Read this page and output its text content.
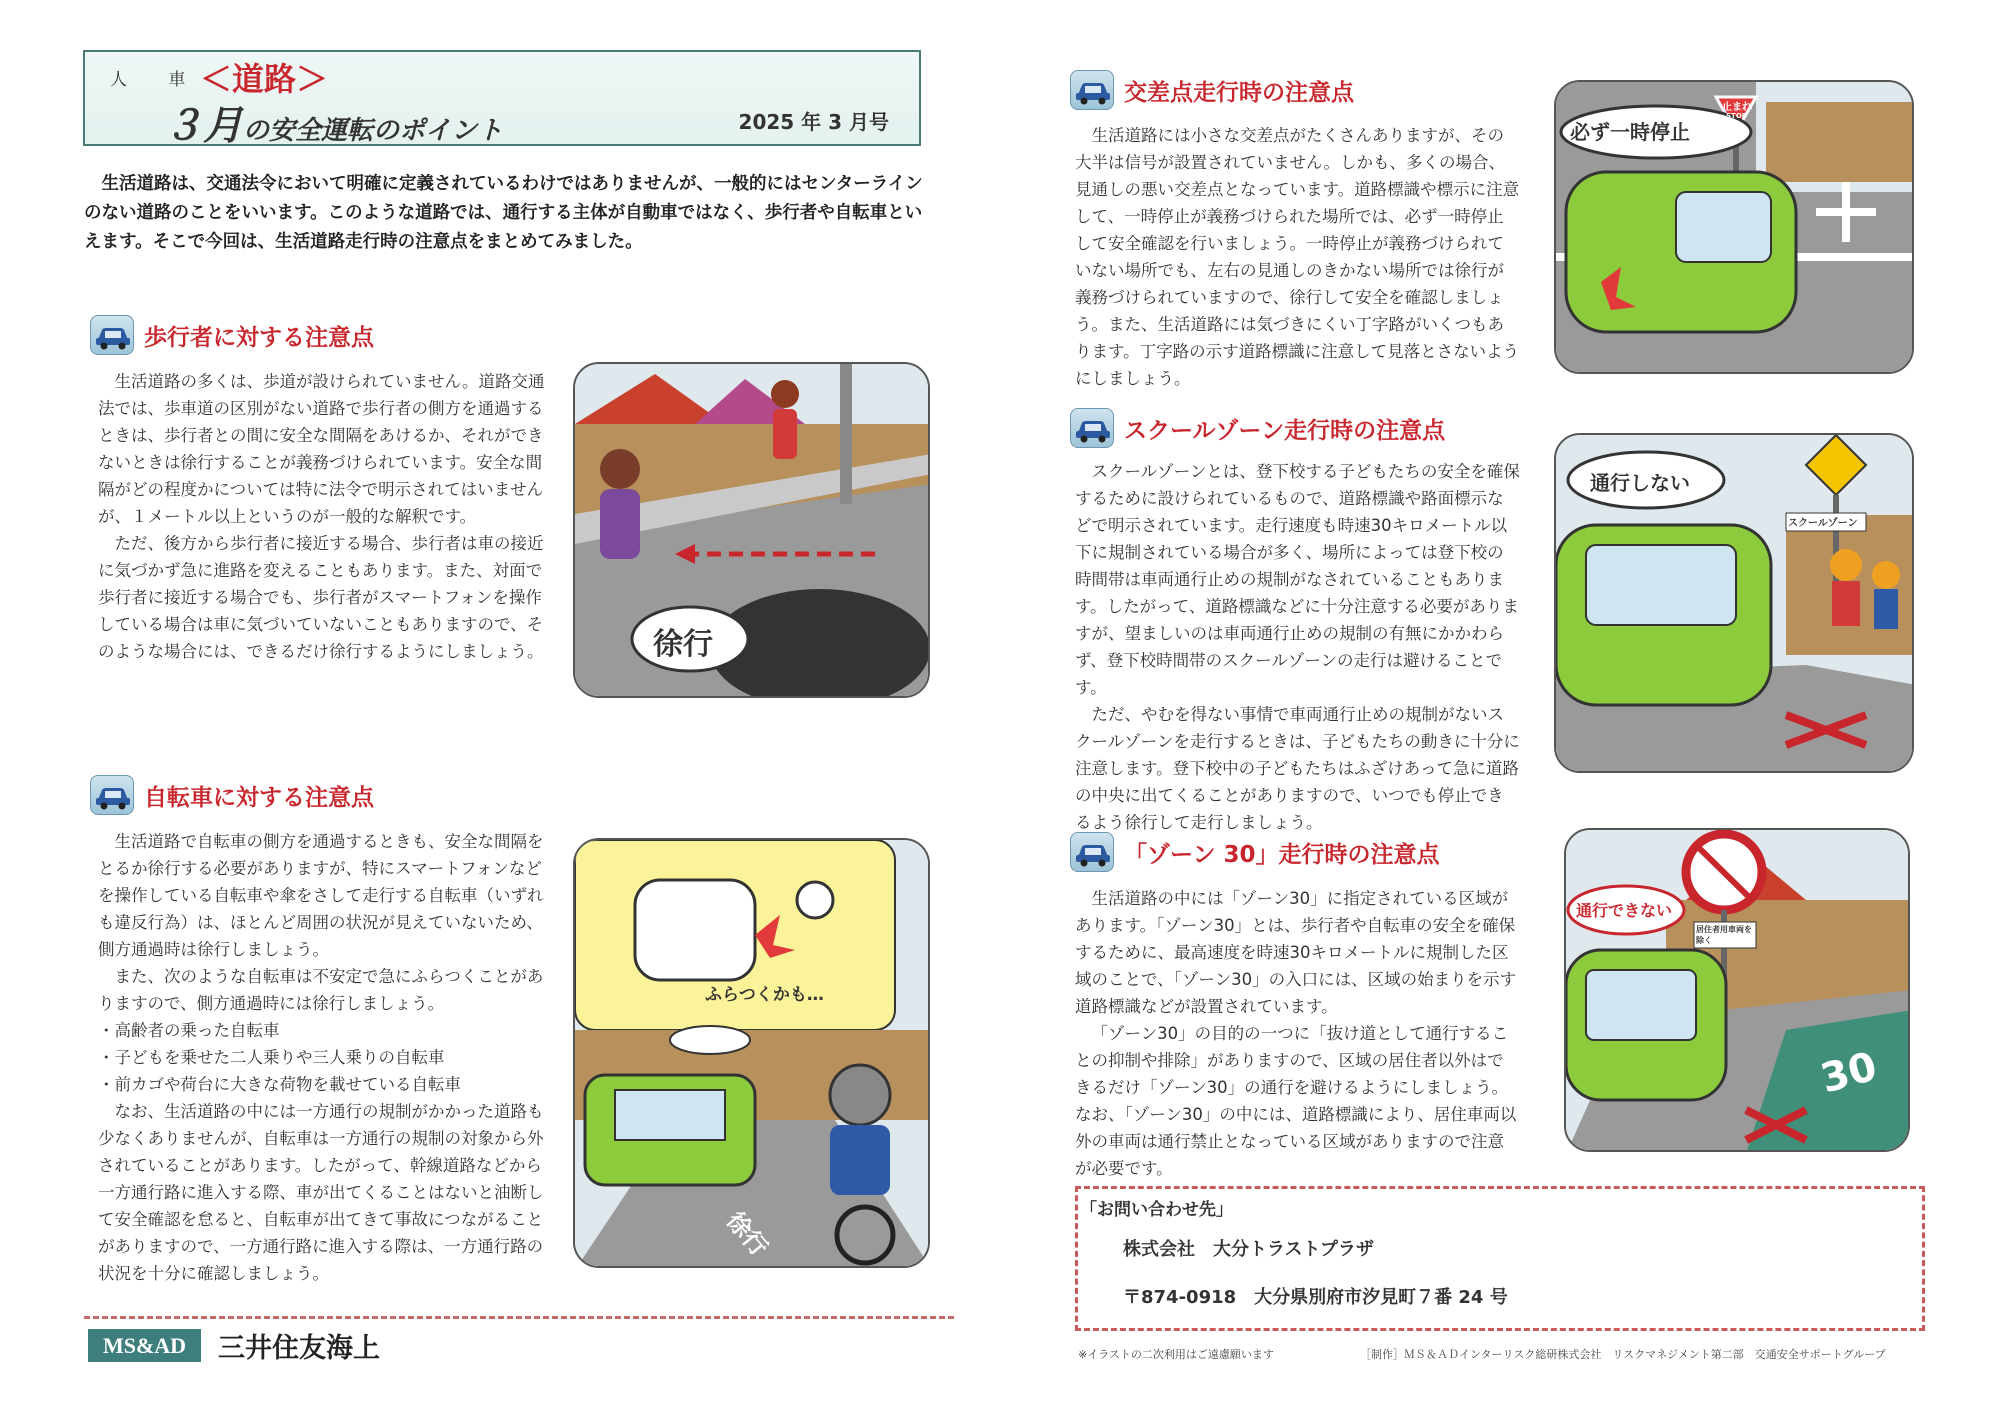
人 車
＜道路＞
３月の安全運転のポイント	2025 年 3 月号

生活道路は、交通法令において明確に定義されているわけではありませんが、一般的にはセンターラインのない道路のことをいいます。このような道路では、通行する主体が自動車ではなく、歩行者や自転車といえます。そこで今回は、生活道路走行時の注意点をまとめてみました。

歩行者に対する注意点

生活道路の多くは、歩道が設けられていません。道路交通法では、歩車道の区別がない道路で歩行者の側方を通過するときは、歩行者との間に安全な間隔をあけるか、それができないときは徐行することが義務づけられています。安全な間隔がどの程度かについては特に法令で明示されてはいませんが、１メートル以上というのが一般的な解釈です。

ただ、後方から歩行者に接近する場合、歩行者は車の接近に気づかず急に進路を変えることもあります。また、対面で歩行者に接近する場合でも、歩行者がスマートフォンを操作している場合は車に気づいていないこともありますので、そのような場合には、できるだけ徐行するようにしましょう。	徐行
自転車に対する注意点

生活道路で自転車の側方を通過するときも、安全な間隔をとるか徐行する必要がありますが、特にスマートフォンなどを操作している自転車や傘をさして走行する自転車（いずれも違反行為）は、ほとんど周囲の状況が見えていないため、側方通過時は徐行しましょう。

また、次のような自転車は不安定で急にふらつくことがありますので、側方通過時には徐行しましょう。

・高齢者の乗った自転車
・子どもを乗せた二人乗りや三人乗りの自転車
・前カゴや荷台に大きな荷物を載せている自転車

なお、生活道路の中には一方通行の規制がかかった道路も少なくありませんが、自転車は一方通行の規制の対象から外されていることがあります。したがって、幹線道路などから一方通行路に進入する際、車が出てくることはないと油断して安全確認を怠ると、自転車が出てきて事故につながることがありますので、一方通行路に進入する際は、一方通行路の状況を十分に確認しましょう。

ふらつくかも…
徐行
交差点走行時の注意点

生活道路には小さな交差点がたくさんありますが、その大半は信号が設置されていません。しかも、多くの場合、見通しの悪い交差点となっています。道路標識や標示に注意して、一時停止が義務づけられた場所では、必ず一時停止して安全確認を行いましょう。一時停止が義務づけられていない場所でも、左右の見通しのきかない場所では徐行が義務づけられていますので、徐行して安全を確認しましょう。また、生活道路には気づきにくい丁字路がいくつもあります。丁字路の示す道路標識に注意して見落とさないようにしましょう。

必ず一時停止
止まれ
STOP
スクールゾーン走行時の注意点

スクールゾーンとは、登下校する子どもたちの安全を確保するために設けられているもので、道路標識や路面標示などで明示されています。走行速度も時速30キロメートル以下に規制されている場合が多く、場所によっては登下校の時間帯は車両通行止めの規制がなされていることもあります。したがって、道路標識などに十分注意する必要がありますが、望ましいのは車両通行止めの規制の有無にかかわらず、登下校時間帯のスクールゾーンの走行は避けることです。

ただ、やむを得ない事情で車両通行止めの規制がないスクールゾーンを走行するときは、子どもたちの動きに十分に注意します。登下校中の子どもたちはふざけあって急に道路の中央に出てくることがありますので、いつでも停止できるよう徐行して走行しましょう。

通行しない
スクールゾーン
「ゾーン 30」走行時の注意点

生活道路の中には「ゾーン30」に指定されている区域があります。「ゾーン30」とは、歩行者や自転車の安全を確保するために、最高速度を時速30キロメートルに規制した区域のことで、「ゾーン30」の入口には、区域の始まりを示す道路標識などが設置されています。

「ゾーン30」の目的の一つに「抜け道として通行することの抑制や排除」がありますので、区域の居住者以外はできるだけ「ゾーン30」の通行を避けるようにしましょう。 なお、「ゾーン30」の中には、道路標識により、居住車両以外の車両は通行禁止となっている区域がありますので注意が必要です。

通行できない
居住者用車両を除く
30
「お問い合わせ先」
株式会社　大分トラストプラザ
〒874-0918　大分県別府市汐見町７番 24 号
※イラストの二次利用はご遠慮願います	［制作］ＭＳ＆ＡＤインターリスク総研株式会社　リスクマネジメント第二部　交通安全サポートグループ
MS&AD	三井住友海上
